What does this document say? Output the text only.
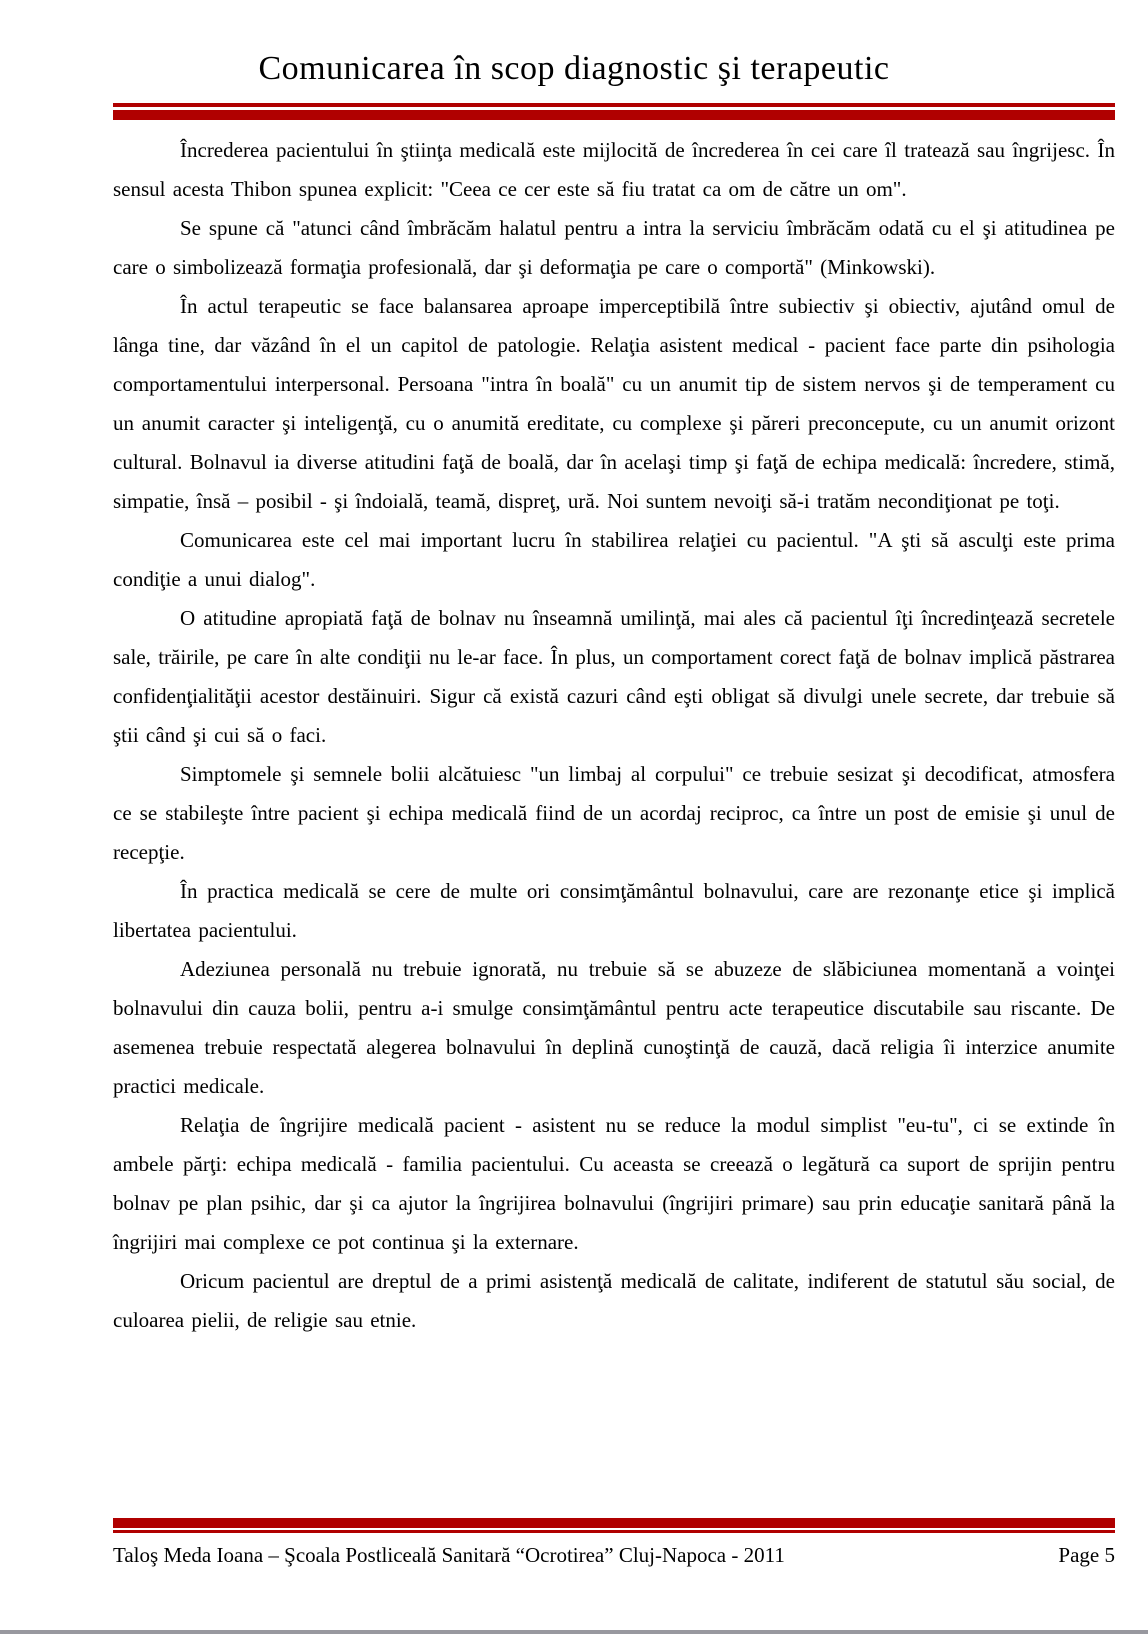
Comunicarea în scop diagnostic şi terapeutic

Încrederea pacientului în ştiinţa medicală este mijlocită de încrederea în cei care îl tratează sau îngrijesc. În sensul acesta Thibon spunea explicit: "Ceea ce cer este să fiu tratat ca om de către un om".

Se spune că "atunci când îmbrăcăm halatul pentru a intra la serviciu îmbrăcăm odată cu el şi atitudinea pe care o simbolizează formaţia profesională, dar şi deformaţia pe care o comportă" (Minkowski).

În actul terapeutic se face balansarea aproape imperceptibilă între subiectiv şi obiectiv, ajutând omul de lânga tine, dar văzând în el un capitol de patologie. Relaţia asistent medical - pacient face parte din psihologia comportamentului interpersonal. Persoana "intra în boală" cu un anumit tip de sistem nervos şi de temperament cu un anumit caracter şi inteligenţă, cu o anumită ereditate, cu complexe şi păreri preconcepute, cu un anumit orizont cultural. Bolnavul ia diverse atitudini faţă de boală, dar în acelaşi timp şi faţă de echipa medicală: încredere, stimă, simpatie, însă – posibil - şi îndoială, teamă, dispreţ, ură. Noi suntem nevoiţi să-i tratăm necondiţionat pe toţi.

Comunicarea este cel mai important lucru în stabilirea relaţiei cu pacientul. "A şti să asculţi este prima condiţie a unui dialog".

O atitudine apropiată faţă de bolnav nu înseamnă umilinţă, mai ales că pacientul îţi încredinţează secretele sale, trăirile, pe care în alte condiţii nu le-ar face. În plus, un comportament corect faţă de bolnav implică păstrarea confidenţialităţii acestor destăinuiri. Sigur că există cazuri când eşti obligat să divulgi unele secrete, dar trebuie să ştii când şi cui să o faci.

Simptomele şi semnele bolii alcătuiesc "un limbaj al corpului" ce trebuie sesizat şi decodificat, atmosfera ce se stabileşte între pacient şi echipa medicală fiind de un acordaj reciproc, ca între un post de emisie şi unul de recepţie.

În practica medicală se cere de multe ori consimţământul bolnavului, care are rezonanţe etice şi implică libertatea pacientului.

Adeziunea personală nu trebuie ignorată, nu trebuie să se abuzeze de slăbiciunea momentană a voinţei bolnavului din cauza bolii, pentru a-i smulge consimţământul pentru acte terapeutice discutabile sau riscante. De asemenea trebuie respectată alegerea bolnavului în deplină cunoştinţă de cauză, dacă religia îi interzice anumite practici medicale.

Relaţia de îngrijire medicală pacient - asistent nu se reduce la modul simplist "eu-tu", ci se extinde în ambele părţi: echipa medicală - familia pacientului. Cu aceasta se creează o legătură ca suport de sprijin pentru bolnav pe plan psihic, dar şi ca ajutor la îngrijirea bolnavului (îngrijiri primare) sau prin educaţie sanitară până la îngrijiri mai complexe ce pot continua şi la externare.

Oricum pacientul are dreptul de a primi asistenţă medicală de calitate, indiferent de statutul său social, de culoarea pielii, de religie sau etnie.

Taloş Meda Ioana – Şcoala Postliceală Sanitară “Ocrotirea” Cluj-Napoca - 2011	Page 5
